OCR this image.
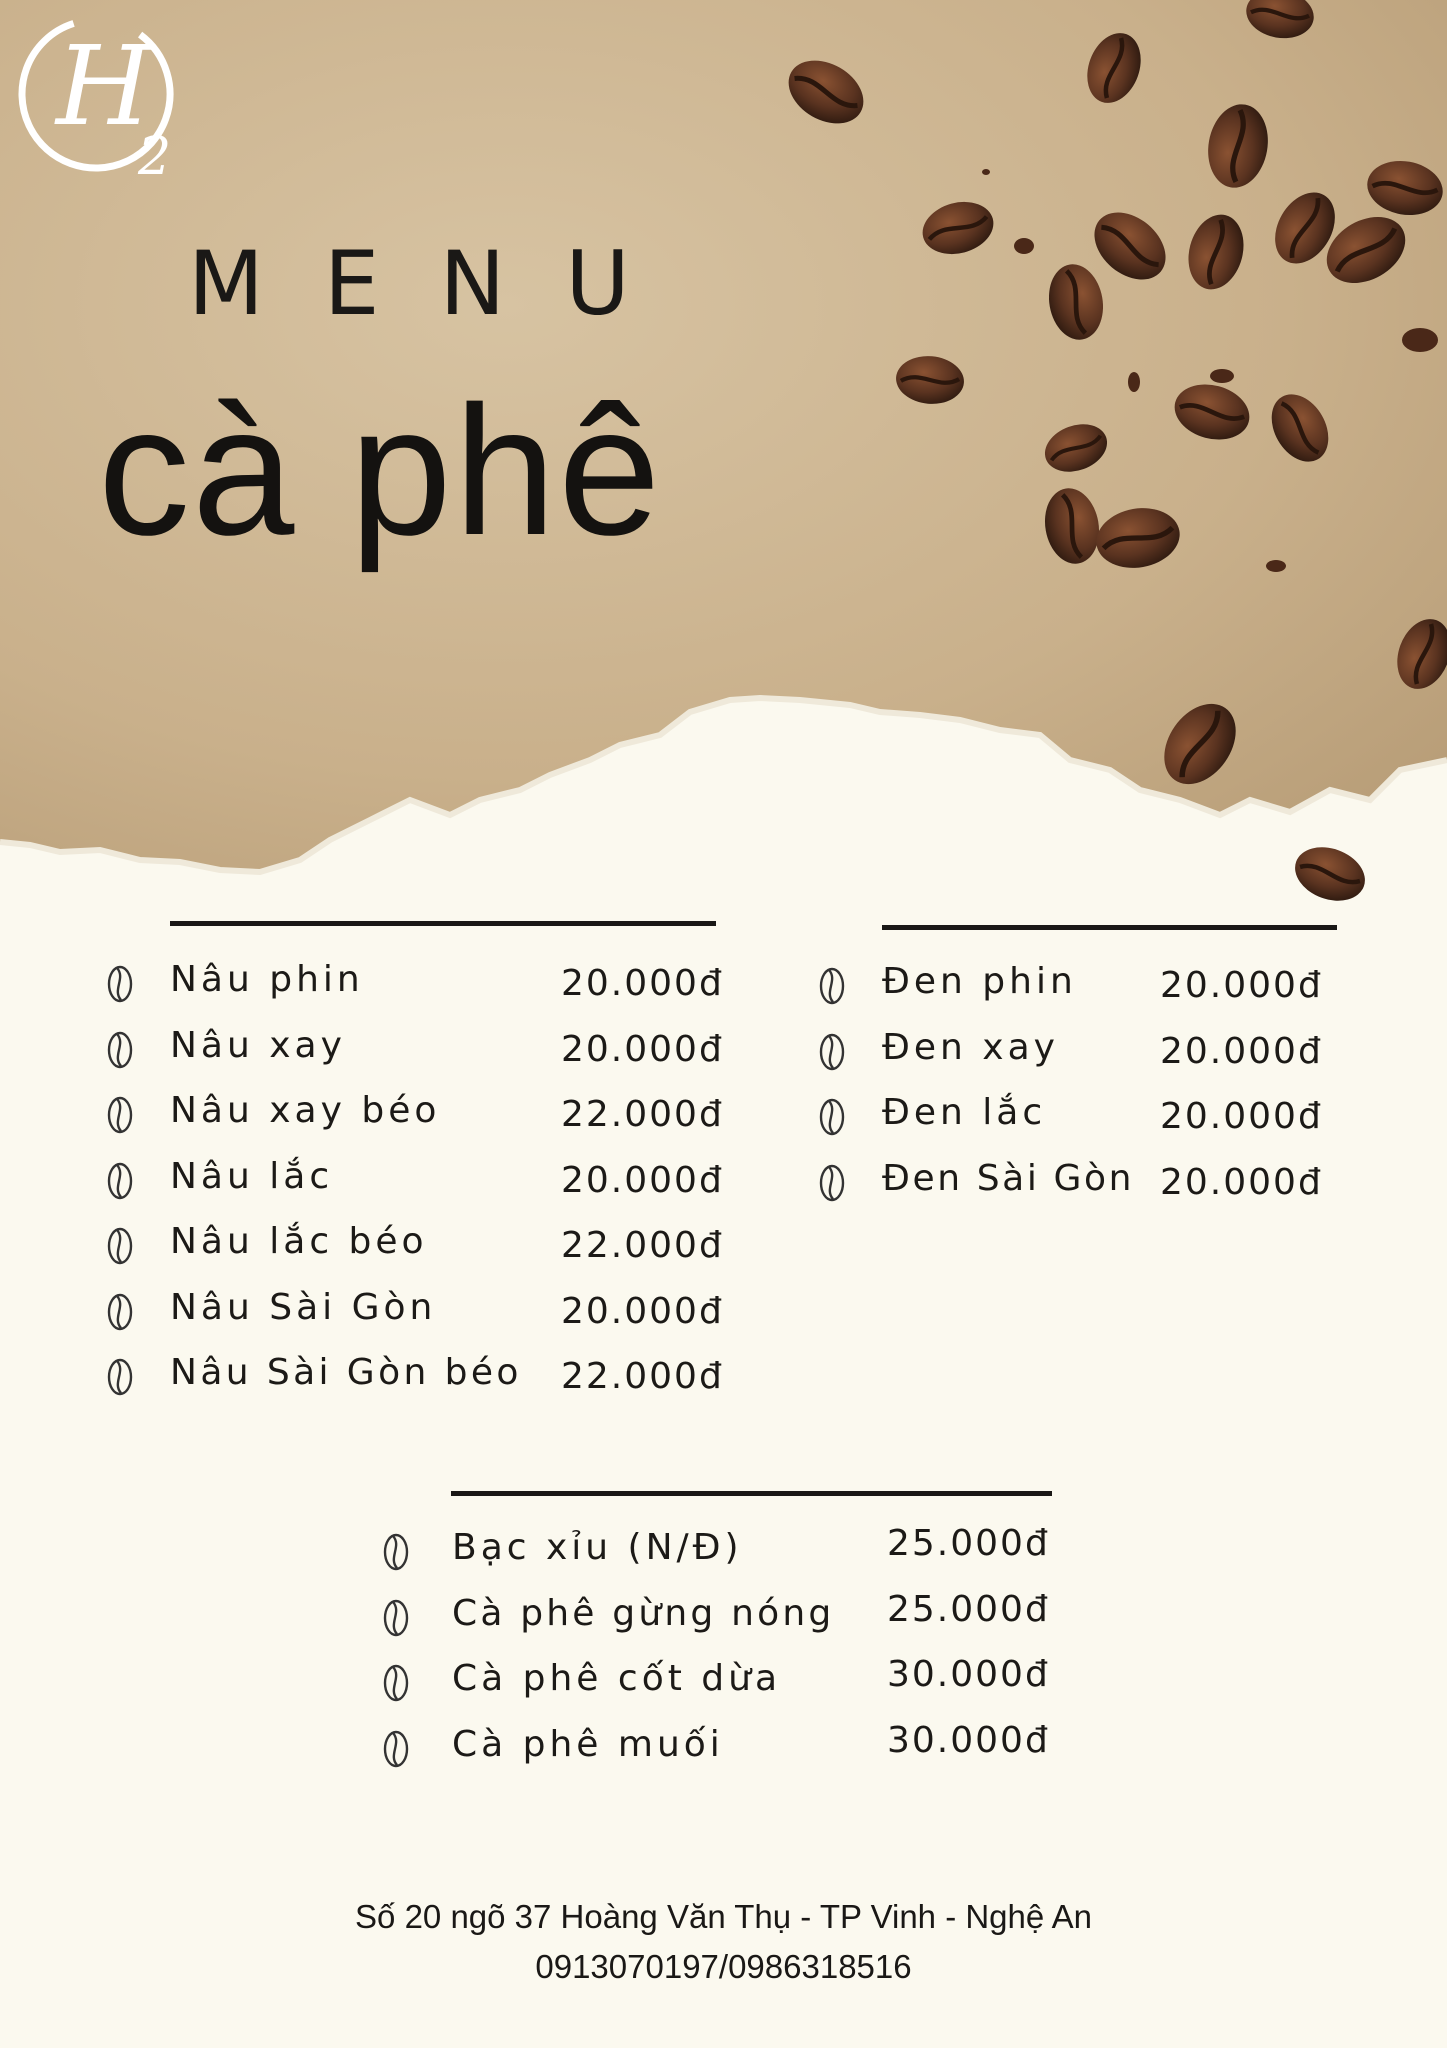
H
2
MENU
cà phê
Nâu phin	20.000đ
Nâu xay	20.000đ
Nâu xay béo	22.000đ
Nâu lắc	20.000đ
Nâu lắc béo	22.000đ
Nâu Sài Gòn	20.000đ
Nâu Sài Gòn béo 22.000đ
Đen phin 20.000đ
Đen xay	20.000đ
Đen lắc	20.000đ
Đen Sài Gòn 20.000đ
Bạc xỉu (N/Đ)	25.000đ
Cà phê gừng nóng 25.000đ
Cà phê cốt dừa	30.000đ
Cà phê muối	30.000đ
Số 20 ngõ 37 Hoàng Văn Thụ - TP Vinh - Nghệ An
0913070197/0986318516
